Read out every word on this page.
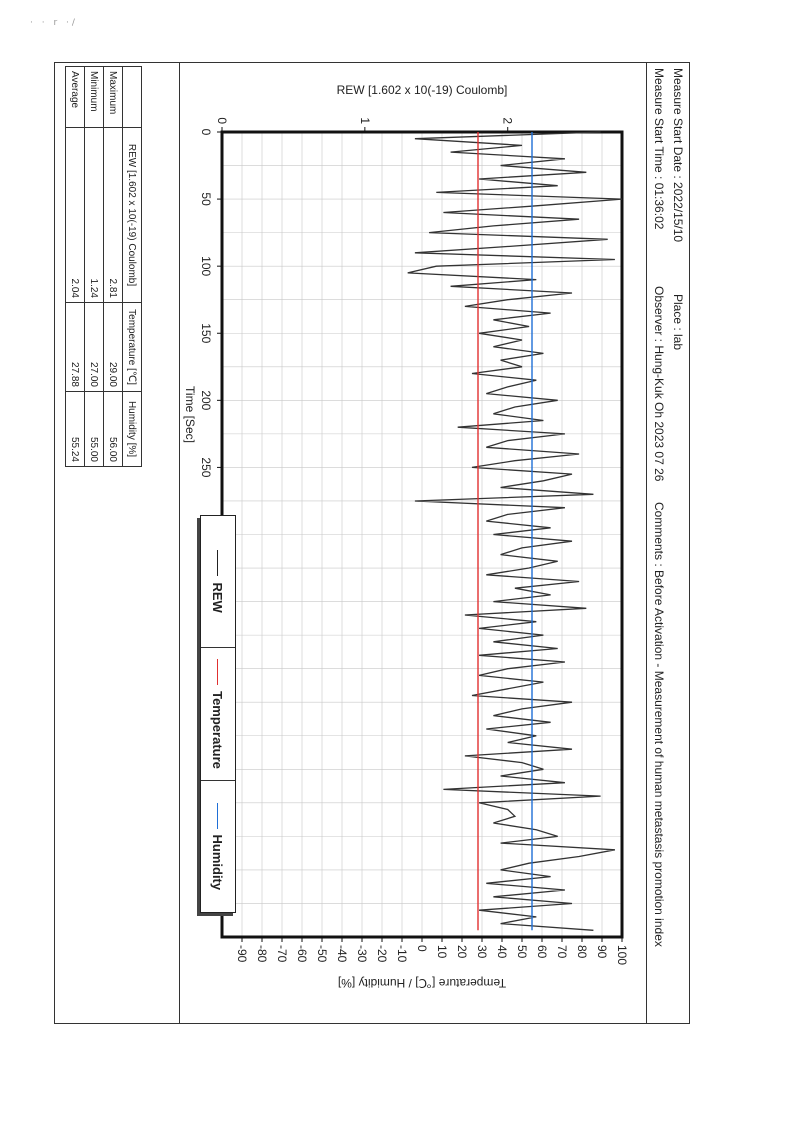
· · r ·/
Measure Start Date : 2022/15/10
Measure Start Time : 01:36:02
Place : lab
Observer : Hung-Kuk Oh 2023 07 26
Comments : Before Activation - Measurement of human metastasis promotion index
0
50
100
150
200
250
0	1	2
-90 -80 -70 -60 -50 -40 -30 -20 -10 0 10 20 30 40 50 60 70 80 90 100
Temperature [℃] / Humidity [%]
REW [1.602 x 10(-19) Coulomb]
Time [Sec]
REW
Temperature
Humidity
	REW [1.602 x 10(-19) Coulomb]	Temperature [℃]	Humidity [%]
Maximum	2.81	29.00	56.00
Minimum	1.24	27.00	55.00
Average	2.04	27.88	55.24
